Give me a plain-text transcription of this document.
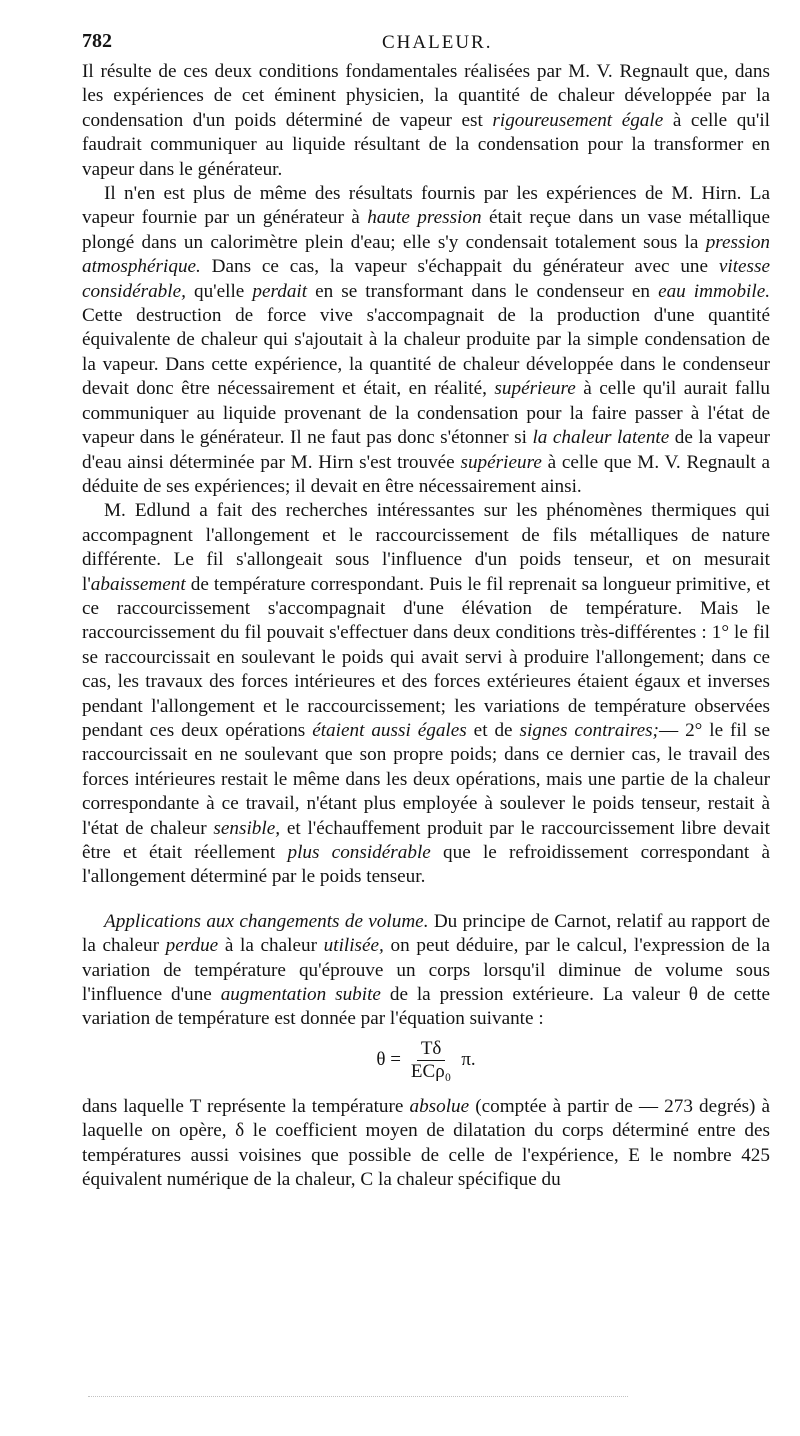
782	CHALEUR.

Il résulte de ces deux conditions fondamentales réalisées par M. V. Regnault que, dans les expériences de cet éminent physicien, la quantité de chaleur développée par la condensation d'un poids déterminé de vapeur est rigoureusement égale à celle qu'il faudrait communiquer au liquide résultant de la condensation pour la transformer en vapeur dans le générateur.

Il n'en est plus de même des résultats fournis par les expériences de M. Hirn. La vapeur fournie par un générateur à haute pression était reçue dans un vase métallique plongé dans un calorimètre plein d'eau; elle s'y condensait totalement sous la pression atmosphérique. Dans ce cas, la vapeur s'échappait du générateur avec une vitesse considérable, qu'elle perdait en se transformant dans le condenseur en eau immobile. Cette destruction de force vive s'accompagnait de la production d'une quantité équivalente de chaleur qui s'ajoutait à la chaleur produite par la simple condensation de la vapeur. Dans cette expérience, la quantité de chaleur développée dans le condenseur devait donc être nécessairement et était, en réalité, supérieure à celle qu'il aurait fallu communiquer au liquide provenant de la condensation pour la faire passer à l'état de vapeur dans le générateur. Il ne faut pas donc s'étonner si la chaleur latente de la vapeur d'eau ainsi déterminée par M. Hirn s'est trouvée supérieure à celle que M. V. Regnault a déduite de ses expériences; il devait en être nécessairement ainsi.

M. Edlund a fait des recherches intéressantes sur les phénomènes thermiques qui accompagnent l'allongement et le raccourcissement de fils métalliques de nature différente. Le fil s'allongeait sous l'influence d'un poids tenseur, et on mesurait l'abaissement de température correspondant. Puis le fil reprenait sa longueur primitive, et ce raccourcissement s'accompagnait d'une élévation de température. Mais le raccourcissement du fil pouvait s'effectuer dans deux conditions très-différentes : 1° le fil se raccourcissait en soulevant le poids qui avait servi à produire l'allongement; dans ce cas, les travaux des forces intérieures et des forces extérieures étaient égaux et inverses pendant l'allongement et le raccourcissement; les variations de température observées pendant ces deux opérations étaient aussi égales et de signes contraires;— 2° le fil se raccourcissait en ne soulevant que son propre poids; dans ce dernier cas, le travail des forces intérieures restait le même dans les deux opérations, mais une partie de la chaleur correspondante à ce travail, n'étant plus employée à soulever le poids tenseur, restait à l'état de chaleur sensible, et l'échauffement produit par le raccourcissement libre devait être et était réellement plus considérable que le refroidissement correspondant à l'allongement déterminé par le poids tenseur.

Applications aux changements de volume. Du principe de Carnot, relatif au rapport de la chaleur perdue à la chaleur utilisée, on peut déduire, par le calcul, l'expression de la variation de température qu'éprouve un corps lorsqu'il diminue de volume sous l'influence d'une augmentation subite de la pression extérieure. La valeur θ de cette variation de température est donnée par l'équation suivante :

$\theta = \frac{T\delta}{\text{ECρ₀}} \pi$.

dans laquelle T représente la température absolue (comptée à partir de — 273 degrés) à laquelle on opère, δ le coefficient moyen de dilatation du corps déterminé entre des températures aussi voisines que possible de celle de l'expérience, E le nombre 425 équivalent numérique de la chaleur, C la chaleur spécifique du
